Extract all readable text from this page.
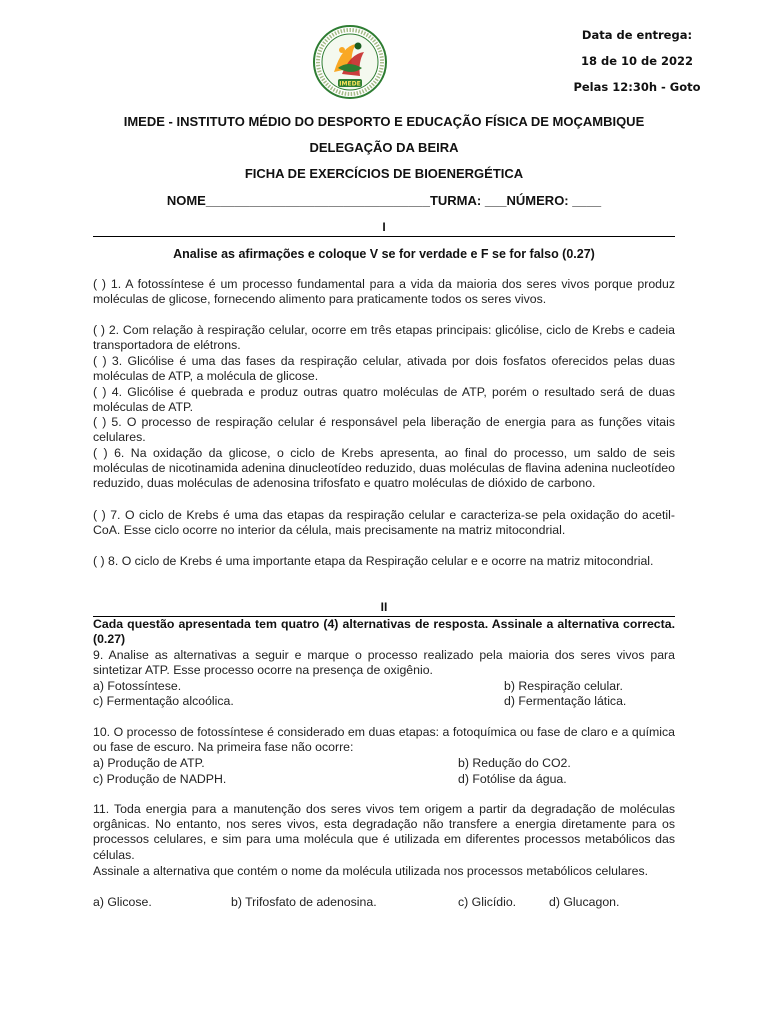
Data de entrega:
18 de 10 de 2022
Pelas 12:30h - Goto
IMEDE
IMEDE - INSTITUTO MÉDIO DO DESPORTO E EDUCAÇÃO FÍSICA DE MOÇAMBIQUE
DELEGAÇÃO DA BEIRA
FICHA DE EXERCÍCIOS DE BIOENERGÉTICA
NOME_______________________________TURMA: ___NÚMERO: ____
I
Analise as afirmações e coloque V se for verdade e F se for falso (0.27)
( ) 1. A fotossíntese é um processo fundamental para a vida da maioria dos seres vivos porque produz moléculas de glicose, fornecendo alimento para praticamente todos os seres vivos.
( ) 2. Com relação à respiração celular, ocorre em três etapas principais: glicólise, ciclo de Krebs e cadeia transportadora de elétrons.
( ) 3. Glicólise é uma das fases da respiração celular, ativada por dois fosfatos oferecidos pelas duas moléculas de ATP, a molécula de glicose.
( ) 4. Glicólise é quebrada e produz outras quatro moléculas de ATP, porém o resultado será de duas moléculas de ATP.
( ) 5. O processo de respiração celular é responsável pela liberação de energia para as funções vitais celulares.
( ) 6. Na oxidação da glicose, o ciclo de Krebs apresenta, ao final do processo, um saldo de seis moléculas de nicotinamida adenina dinucleotídeo reduzido, duas moléculas de flavina adenina nucleotídeo reduzido, duas moléculas de adenosina trifosfato e quatro moléculas de dióxido de carbono.
( ) 7. O ciclo de Krebs é uma das etapas da respiração celular e caracteriza-se pela oxidação do acetil-CoA. Esse ciclo ocorre no interior da célula, mais precisamente na matriz mitocondrial.
( ) 8. O ciclo de Krebs é uma importante etapa da Respiração celular e e ocorre na matriz mitocondrial.
II
Cada questão apresentada tem quatro (4) alternativas de resposta. Assinale a alternativa correcta. (0.27)
9. Analise as alternativas a seguir e marque o processo realizado pela maioria dos seres vivos para sintetizar ATP. Esse processo ocorre na presença de oxigênio.
a) Fotossíntese.	b) Respiração celular.
c) Fermentação alcoólica.	d) Fermentação lática.
10. O processo de fotossíntese é considerado em duas etapas: a fotoquímica ou fase de claro e a química ou fase de escuro. Na primeira fase não ocorre:
a) Produção de ATP.	b) Redução do CO2.
c) Produção de NADPH.	d) Fotólise da água.
11. Toda energia para a manutenção dos seres vivos tem origem a partir da degradação de moléculas orgânicas. No entanto, nos seres vivos, esta degradação não transfere a energia diretamente para os processos celulares, e sim para uma molécula que é utilizada em diferentes processos metabólicos das células.
Assinale a alternativa que contém o nome da molécula utilizada nos processos metabólicos celulares.
a) Glicose.	b) Trifosfato de adenosina.	c) Glicídio.	d) Glucagon.
